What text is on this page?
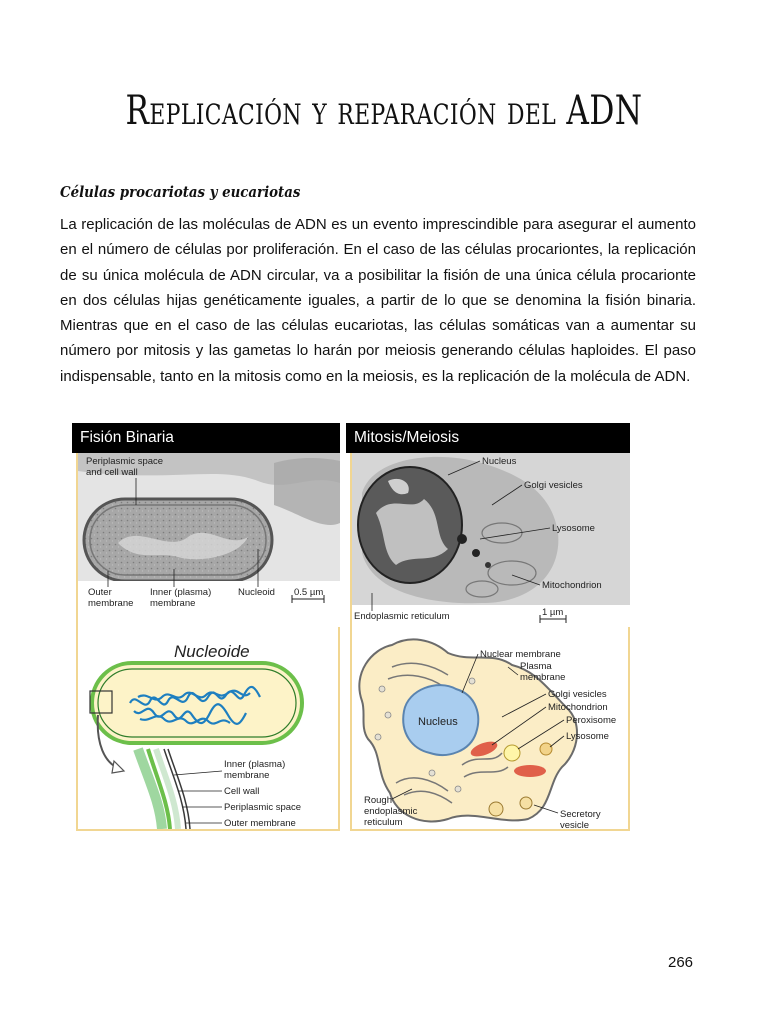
Replicación y reparación del ADN
Células procariotas y eucariotas

La replicación de las moléculas de ADN es un evento imprescindible para asegurar el aumento en el número de células por proliferación. En el caso de las células procariontes, la replicación de su única molécula de ADN circular, va a posibilitar la fisión de una única célula procarionte en dos células hijas genéticamente iguales, a partir de lo que se denomina la fisión binaria. Mientras que en el caso de las células eucariotas, las células somáticas van a aumentar su número por mitosis y las gametas lo harán por meiosis generando células haploides. El paso indispensable, tanto en la mitosis como en la meiosis, es la replicación de la molécula de ADN.

Fisión Binaria
Periplasmic space
and cell wall
Outer
membrane
Inner (plasma)
membrane
Nucleoid 0.5 µm
Nucleoide
Inner (plasma)
membrane
Cell wall
Periplasmic space
Outer membrane
Mitosis/Meiosis
Nucleus
Golgi vesicles
Lysosome
Mitochondrion
Endoplasmic reticulum	1 µm
Nucleus
Nuclear membrane
Plasma
membrane
Golgi vesicles
Mitochondrion
Peroxisome
Lysosome
Rough
endoplasmic
reticulum
Secretory
vesicle
266
